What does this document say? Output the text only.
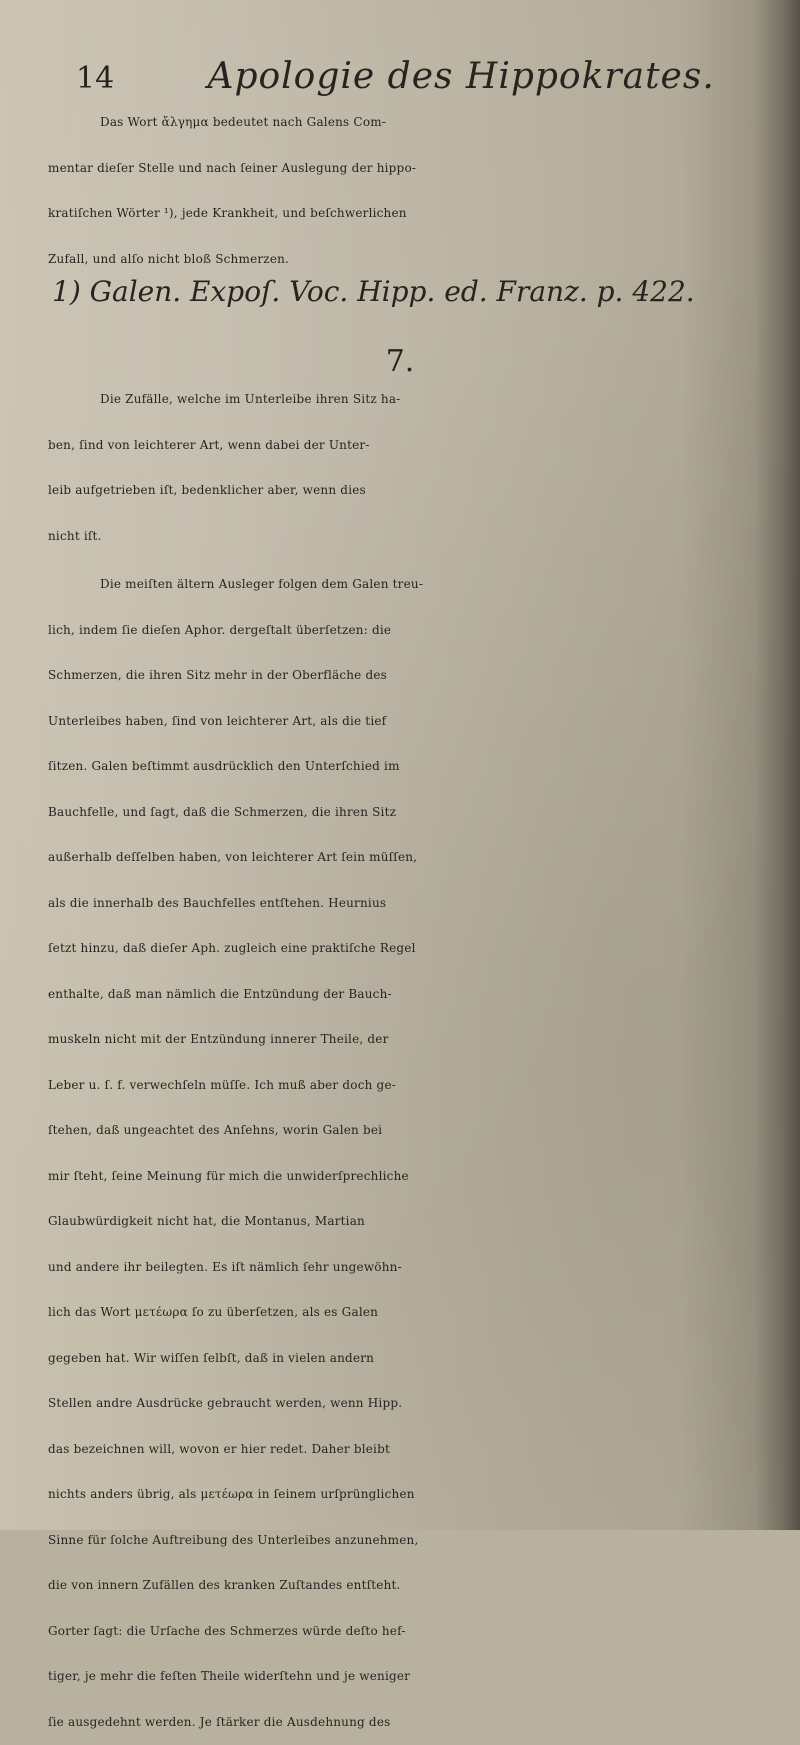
14	Apologie des Hippokrates.
Das Wort ἄλγημα bedeutet nach Galens Com-
mentar dieſer Stelle und nach ſeiner Auslegung der hippo-
kratiſchen Wörter ¹), jede Krankheit, und beſchwerlichen
Zufall, und alſo nicht bloß Schmerzen.
1) Galen. Expoſ. Voc. Hipp. ed. Franz. p. 422.
7.
Die Zufälle, welche im Unterleibe ihren Sitz ha-
ben, ſind von leichterer Art, wenn dabei der Unter-
leib aufgetrieben iſt, bedenklicher aber, wenn dies
nicht iſt.
Die meiſten ältern Ausleger folgen dem Galen treu-
lich, indem ſie dieſen Aphor. dergeſtalt überſetzen: die
Schmerzen, die ihren Sitz mehr in der Oberfläche des
Unterleibes haben, ſind von leichterer Art, als die tief
ſitzen. Galen beſtimmt ausdrücklich den Unterſchied im
Bauchfelle, und ſagt, daß die Schmerzen, die ihren Sitz
außerhalb deſſelben haben, von leichterer Art ſein müſſen,
als die innerhalb des Bauchfelles entſtehen. Heurnius
ſetzt hinzu, daß dieſer Aph. zugleich eine praktiſche Regel
enthalte, daß man nämlich die Entzündung der Bauch-
muskeln nicht mit der Entzündung innerer Theile, der
Leber u. ſ. f. verwechſeln müſſe. Ich muß aber doch ge-
ſtehen, daß ungeachtet des Anſehns, worin Galen bei
mir ſteht, ſeine Meinung für mich die unwiderſprechliche
Glaubwürdigkeit nicht hat, die Montanus, Martian
und andere ihr beilegten. Es iſt nämlich ſehr ungewöhn-
lich das Wort μετέωρα ſo zu überſetzen, als es Galen
gegeben hat. Wir wiſſen ſelbſt, daß in vielen andern
Stellen andre Ausdrücke gebraucht werden, wenn Hipp.
das bezeichnen will, wovon er hier redet. Daher bleibt
nichts anders übrig, als μετέωρα in ſeinem urſprünglichen
Sinne für ſolche Auftreibung des Unterleibes anzunehmen,
die von innern Zufällen des kranken Zuſtandes entſteht.
Gorter ſagt: die Urſache des Schmerzes würde deſto hef-
tiger, je mehr die feſten Theile widerſtehn und je weniger
ſie ausgedehnt werden. Je ſtärker die Ausdehnung des
